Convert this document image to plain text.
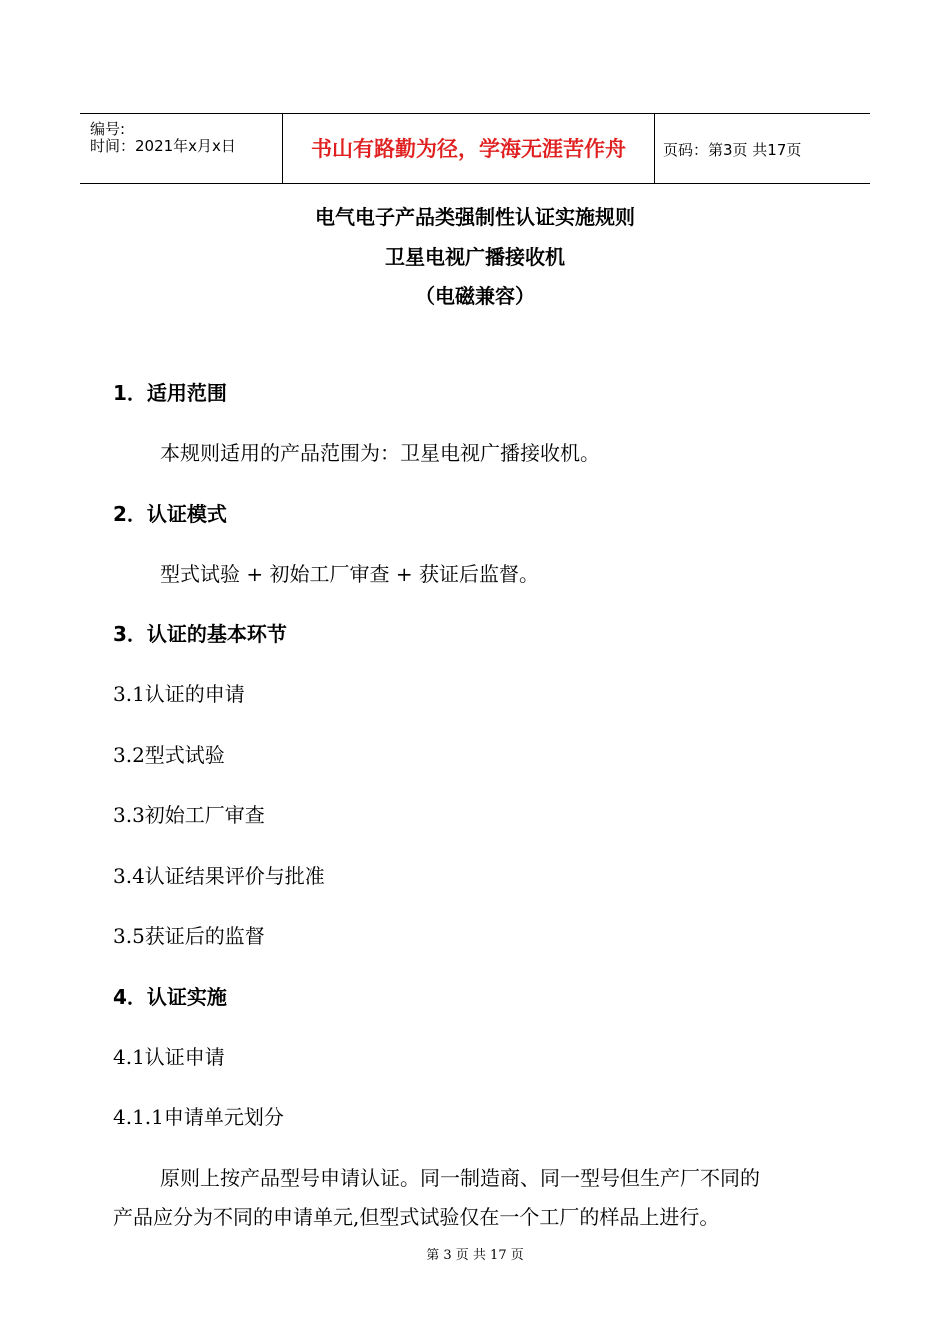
编号:
时间：2021年x月x日	书山有路勤为径，学海无涯苦作舟	页码：第3页 共17页
电气电子产品类强制性认证实施规则
卫星电视广播接收机
（电磁兼容）
1．适用范围
本规则适用的产品范围为：卫星电视广播接收机。
2．认证模式
型式试验 + 初始工厂审查 + 获证后监督。
3．认证的基本环节
3.1认证的申请
3.2型式试验
3.3初始工厂审查
3.4认证结果评价与批准
3.5获证后的监督
4．认证实施
4.1认证申请
4.1.1申请单元划分
原则上按产品型号申请认证。同一制造商、同一型号但生产厂不同的
产品应分为不同的申请单元,但型式试验仅在一个工厂的样品上进行。
第 3 页 共 17 页
